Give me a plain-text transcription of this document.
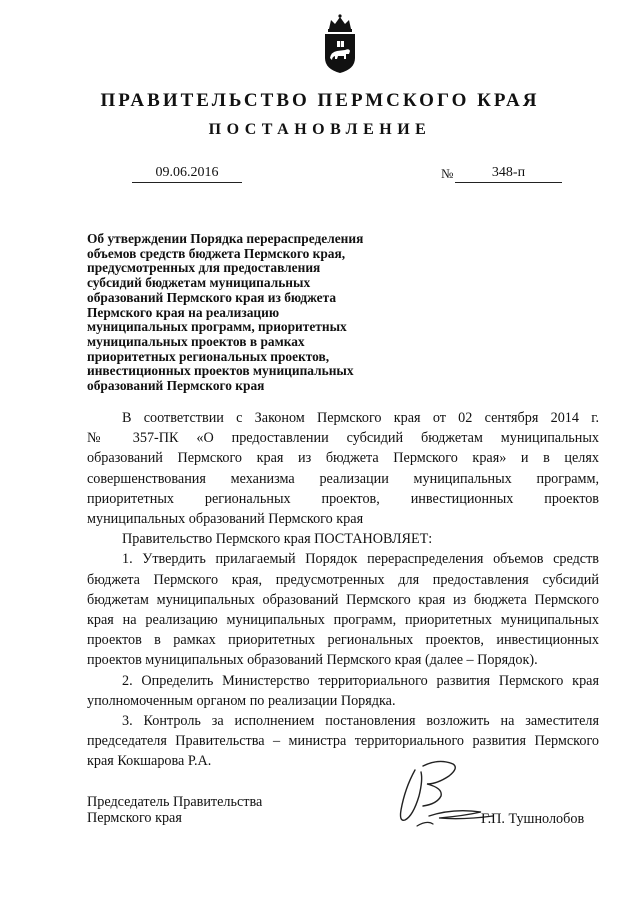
ПРАВИТЕЛЬСТВО ПЕРМСКОГО КРАЯ
ПОСТАНОВЛЕНИЕ
09.06.2016	№	348-п
Об утверждении Порядка перераспределения
объемов средств бюджета Пермского края,
предусмотренных для предоставления
субсидий бюджетам муниципальных
образований Пермского края из бюджета
Пермского края на реализацию
муниципальных программ, приоритетных
муниципальных проектов в рамках
приоритетных региональных проектов,
инвестиционных проектов муниципальных
образований Пермского края
В соответствии с Законом Пермского края от 02 сентября 2014 г.
№ 357-ПК «О предоставлении субсидий бюджетам муниципальных
образований Пермского края из бюджета Пермского края» и в целях
совершенствования механизма реализации муниципальных программ,
приоритетных региональных проектов, инвестиционных проектов
муниципальных образований Пермского края
Правительство Пермского края ПОСТАНОВЛЯЕТ:
1. Утвердить прилагаемый Порядок перераспределения объемов средств
бюджета Пермского края, предусмотренных для предоставления субсидий
бюджетам муниципальных образований Пермского края из бюджета Пермского
края на реализацию муниципальных программ, приоритетных муниципальных
проектов в рамках приоритетных региональных проектов, инвестиционных
проектов муниципальных образований Пермского края (далее – Порядок).
2. Определить Министерство территориального развития Пермского края
уполномоченным органом по реализации Порядка.
3. Контроль за исполнением постановления возложить на заместителя
председателя Правительства – министра территориального развития Пермского
края Кокшарова Р.А.
Председатель Правительства
Пермского края	Г.П. Тушнолобов
